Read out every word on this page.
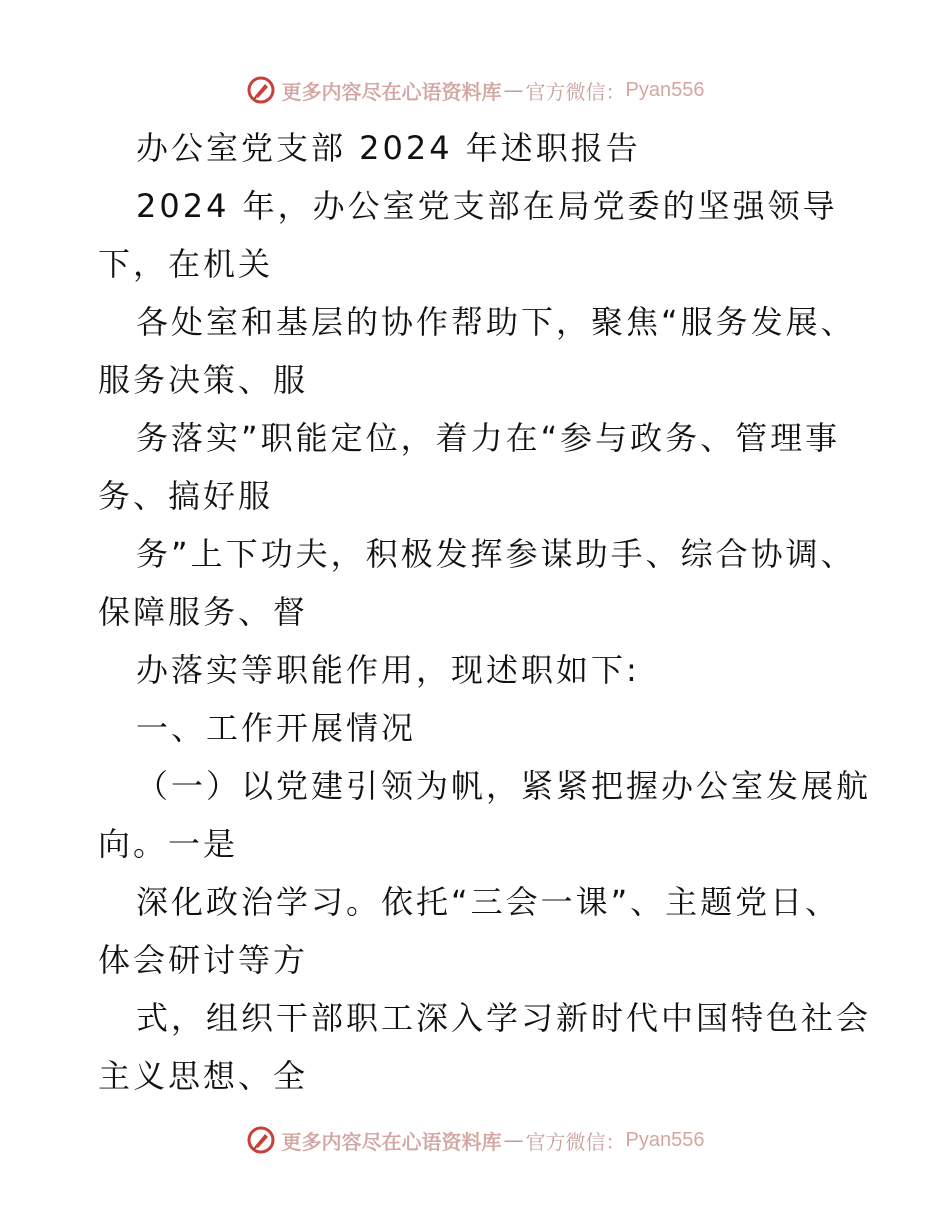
更多内容尽在心语资料库 — 官方微信： Pyan556
办公室党支部 2024 年述职报告
2024 年，办公室党支部在局党委的坚强领导
下，在机关
各处室和基层的协作帮助下，聚焦“服务发展、
服务决策、服
务落实”职能定位，着力在“参与政务、管理事
务、搞好服
务”上下功夫，积极发挥参谋助手、综合协调、
保障服务、督
办落实等职能作用，现述职如下:
一、工作开展情况
（一）以党建引领为帆，紧紧把握办公室发展航
向。一是
深化政治学习。依托“三会一课”、主题党日、
体会研讨等方
式，组织干部职工深入学习新时代中国特色社会
主义思想、全
更多内容尽在心语资料库 — 官方微信： Pyan556
